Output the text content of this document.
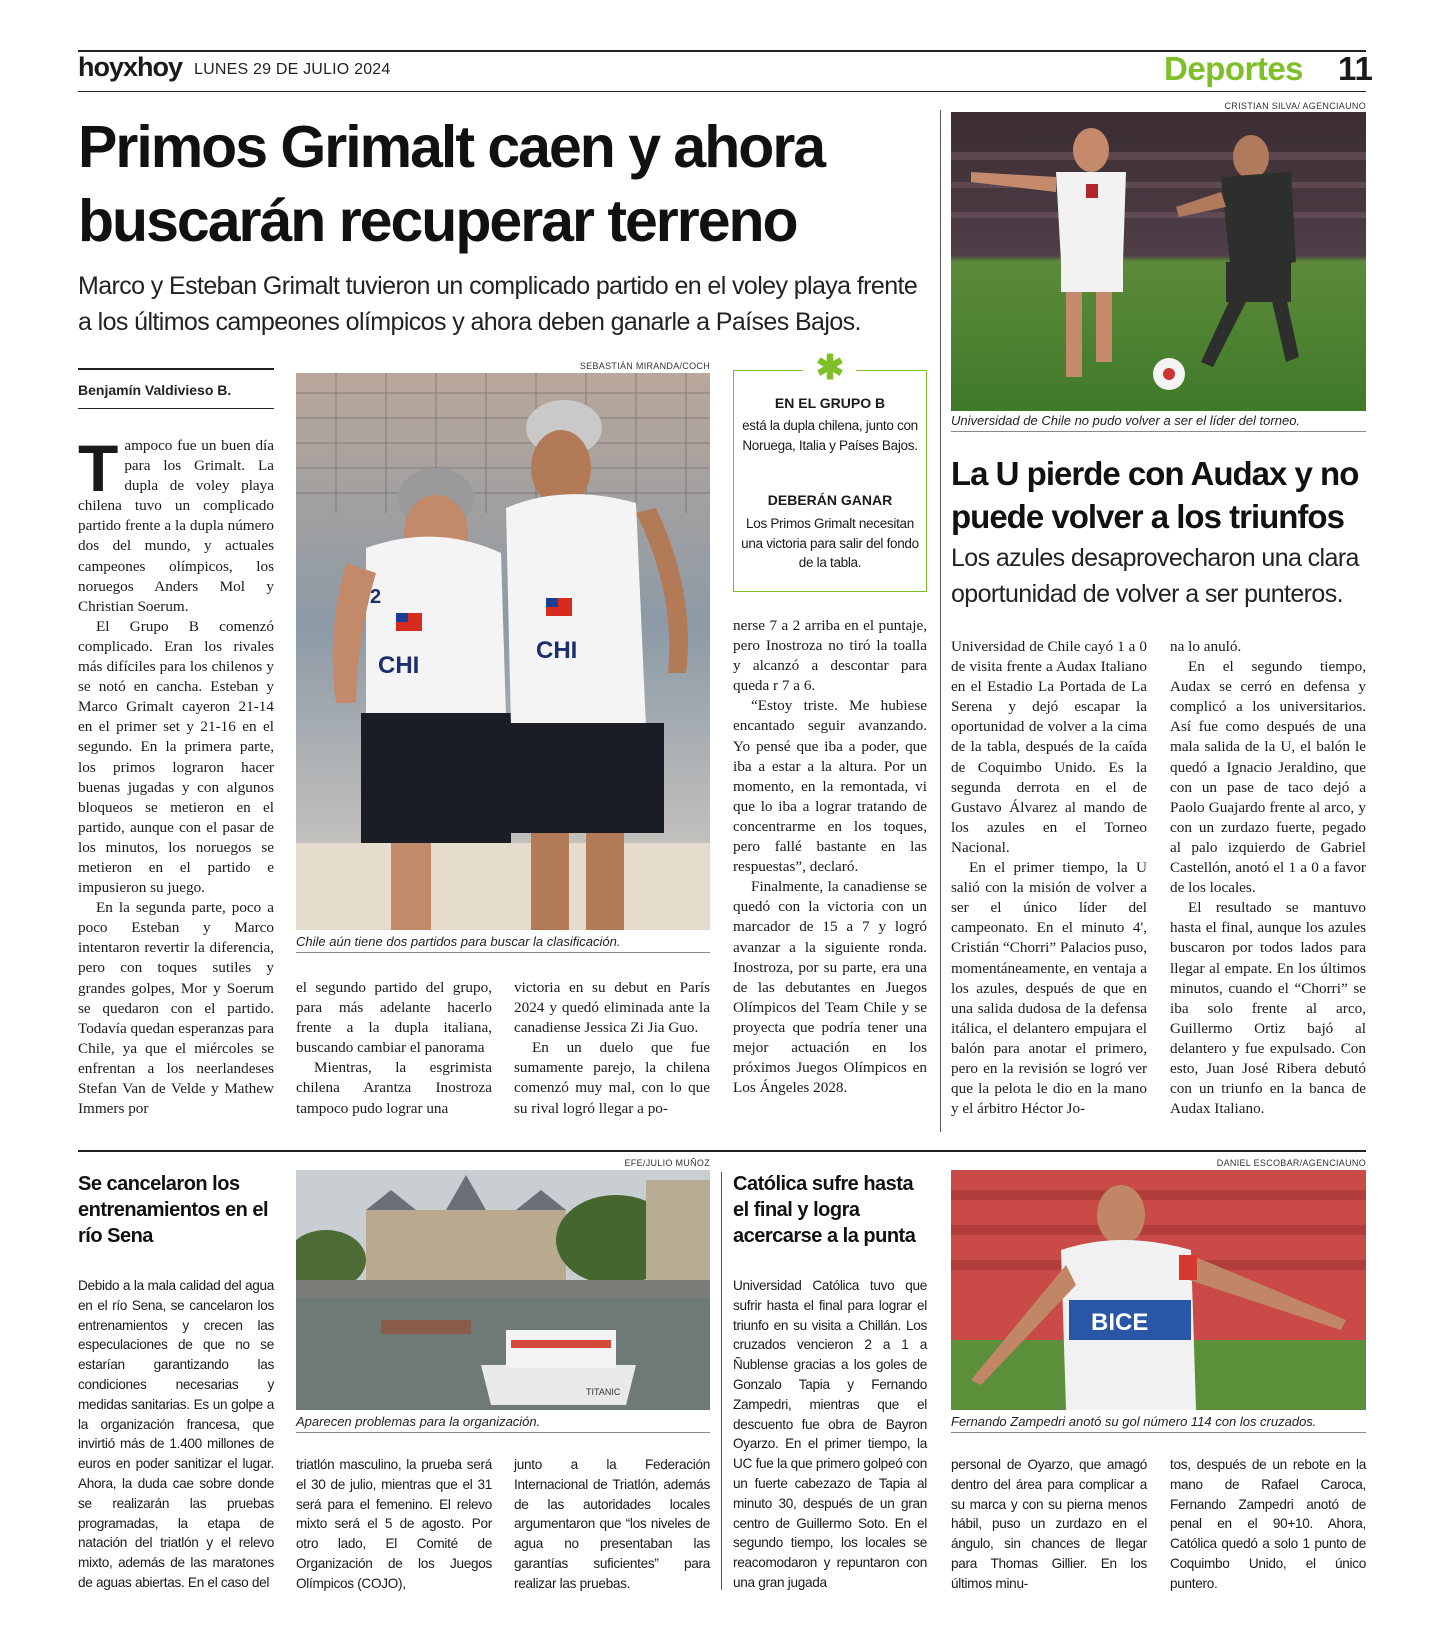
hoyxhoy LUNES 29 DE JULIO 2024	Deportes 11
Primos Grimalt caen y ahora buscarán recuperar terreno
Marco y Esteban Grimalt tuvieron un complicado partido en el voley playa frente a los últimos campeones olímpicos y ahora deben ganarle a Países Bajos.
Benjamín Valdivieso B.
T ampoco fue un buen día para los Grimalt. La dupla de voley playa chilena tuvo un complicado partido frente a la dupla número dos del mundo, y actuales campeones olímpicos, los noruegos Anders Mol y Christian Soerum.

El Grupo B comenzó complicado. Eran los rivales más difíciles para los chilenos y se notó en cancha. Esteban y Marco Grimalt cayeron 21-14 en el primer set y 21-16 en el segundo. En la primera parte, los primos lograron hacer buenas jugadas y con algunos bloqueos se metieron en el partido, aunque con el pasar de los minutos, los noruegos se metieron en el partido e impusieron su juego.

En la segunda parte, poco a poco Esteban y Marco intentaron revertir la diferencia, pero con toques sutiles y grandes golpes, Mor y Soerum se quedaron con el partido. Todavía quedan esperanzas para Chile, ya que el miércoles se enfrentan a los neerlandeses Stefan Van de Velde y Mathew Immers por

SEBASTIÁN MIRANDA/COCH
CHI
2
CHI
Chile aún tiene dos partidos para buscar la clasificación.

el segundo partido del grupo, para más adelante hacerlo frente a la dupla italiana, buscando cambiar el panorama

Mientras, la esgrimista chilena Arantza Inostroza tampoco pudo lograr una

victoria en su debut en París 2024 y quedó eliminada ante la canadiense Jessica Zi Jia Guo.

En un duelo que fue sumamente parejo, la chilena comenzó muy mal, con lo que su rival logró llegar a po-

✱
EN EL GRUPO B
está la dupla chilena, junto con Noruega, Italia y Países Bajos.
DEBERÁN GANAR
Los Primos Grimalt necesitan una victoria para salir del fondo de la tabla.

nerse 7 a 2 arriba en el puntaje, pero Inostroza no tiró la toalla y alcanzó a descontar para queda r 7 a 6.

“Estoy triste. Me hubiese encantado seguir avanzando. Yo pensé que iba a poder, que iba a estar a la altura. Por un momento, en la remontada, vi que lo iba a lograr tratando de concentrarme en los toques, pero fallé bastante en las respuestas”, declaró.

Finalmente, la canadiense se quedó con la victoria con un marcador de 15 a 7 y logró avanzar a la siguiente ronda. Inostroza, por su parte, era una de las debutantes en Juegos Olímpicos del Team Chile y se proyecta que podría tener una mejor actuación en los próximos Juegos Olímpicos en Los Ángeles 2028.

CRISTIAN SILVA/ AGENCIAUNO
Universidad de Chile no pudo volver a ser el líder del torneo.
La U pierde con Audax y no puede volver a los triunfos
Los azules desaprovecharon una clara oportunidad de volver a ser punteros.

Universidad de Chile cayó 1 a 0 de visita frente a Audax Italiano en el Estadio La Portada de La Serena y dejó escapar la oportunidad de volver a la cima de la tabla, después de la caída de Coquimbo Unido. Es la segunda derrota en el de Gustavo Álvarez al mando de los azules en el Torneo Nacional.

En el primer tiempo, la U salió con la misión de volver a ser el único líder del campeonato. En el minuto 4', Cristián “Chorri” Palacios puso, momentáneamente, en ventaja a los azules, después de que en una salida dudosa de la defensa itálica, el delantero empujara el balón para anotar el primero, pero en la revisión se logró ver que la pelota le dio en la mano y el árbitro Héctor Jo-

na lo anuló.

En el segundo tiempo, Audax se cerró en defensa y complicó a los universitarios. Así fue como después de una mala salida de la U, el balón le quedó a Ignacio Jeraldino, que con un pase de taco dejó a Paolo Guajardo frente al arco, y con un zurdazo fuerte, pegado al palo izquierdo de Gabriel Castellón, anotó el 1 a 0 a favor de los locales.

El resultado se mantuvo hasta el final, aunque los azules buscaron por todos lados para llegar al empate. En los últimos minutos, cuando el “Chorri” se iba solo frente al arco, Guillermo Ortiz bajó al delantero y fue expulsado. Con esto, Juan José Ribera debutó con un triunfo en la banca de Audax Italiano.

Se cancelaron los entrenamientos en el río Sena

Debido a la mala calidad del agua en el río Sena, se cancelaron los entrenamientos y crecen las especulaciones de que no se estarían garantizando las condiciones necesarias y medidas sanitarias. Es un golpe a la organización francesa, que invirtió más de 1.400 millones de euros en poder sanitizar el lugar. Ahora, la duda cae sobre donde se realizarán las pruebas programadas, la etapa de natación del triatlón y el relevo mixto, además de las maratones de aguas abiertas. En el caso del

EFE/JULIO MUÑOZ
TITANIC
Aparecen problemas para la organización.

triatlón masculino, la prueba será el 30 de julio, mientras que el 31 será para el femenino. El relevo mixto será el 5 de agosto. Por otro lado, El Comité de Organización de los Juegos Olímpicos (COJO),

junto a la Federación Internacional de Triatlón, además de las autoridades locales argumentaron que “los niveles de agua no presentaban las garantías suficientes” para realizar las pruebas.

Católica sufre hasta el final y logra acercarse a la punta

Universidad Católica tuvo que sufrir hasta el final para lograr el triunfo en su visita a Chillán. Los cruzados vencieron 2 a 1 a Ñublense gracias a los goles de Gonzalo Tapia y Fernando Zampedri, mientras que el descuento fue obra de Bayron Oyarzo. En el primer tiempo, la UC fue la que primero golpeó con un fuerte cabezazo de Tapia al minuto 30, después de un gran centro de Guillermo Soto. En el segundo tiempo, los locales se reacomodaron y repuntaron con una gran jugada

DANIEL ESCOBAR/AGENCIAUNO
BICE
Fernando Zampedri anotó su gol número 114 con los cruzados.

personal de Oyarzo, que amagó dentro del área para complicar a su marca y con su pierna menos hábil, puso un zurdazo en el ángulo, sin chances de llegar para Thomas Gillier. En los últimos minu-

tos, después de un rebote en la mano de Rafael Caroca, Fernando Zampedri anotó de penal en el 90+10. Ahora, Católica quedó a solo 1 punto de Coquimbo Unido, el único puntero.
